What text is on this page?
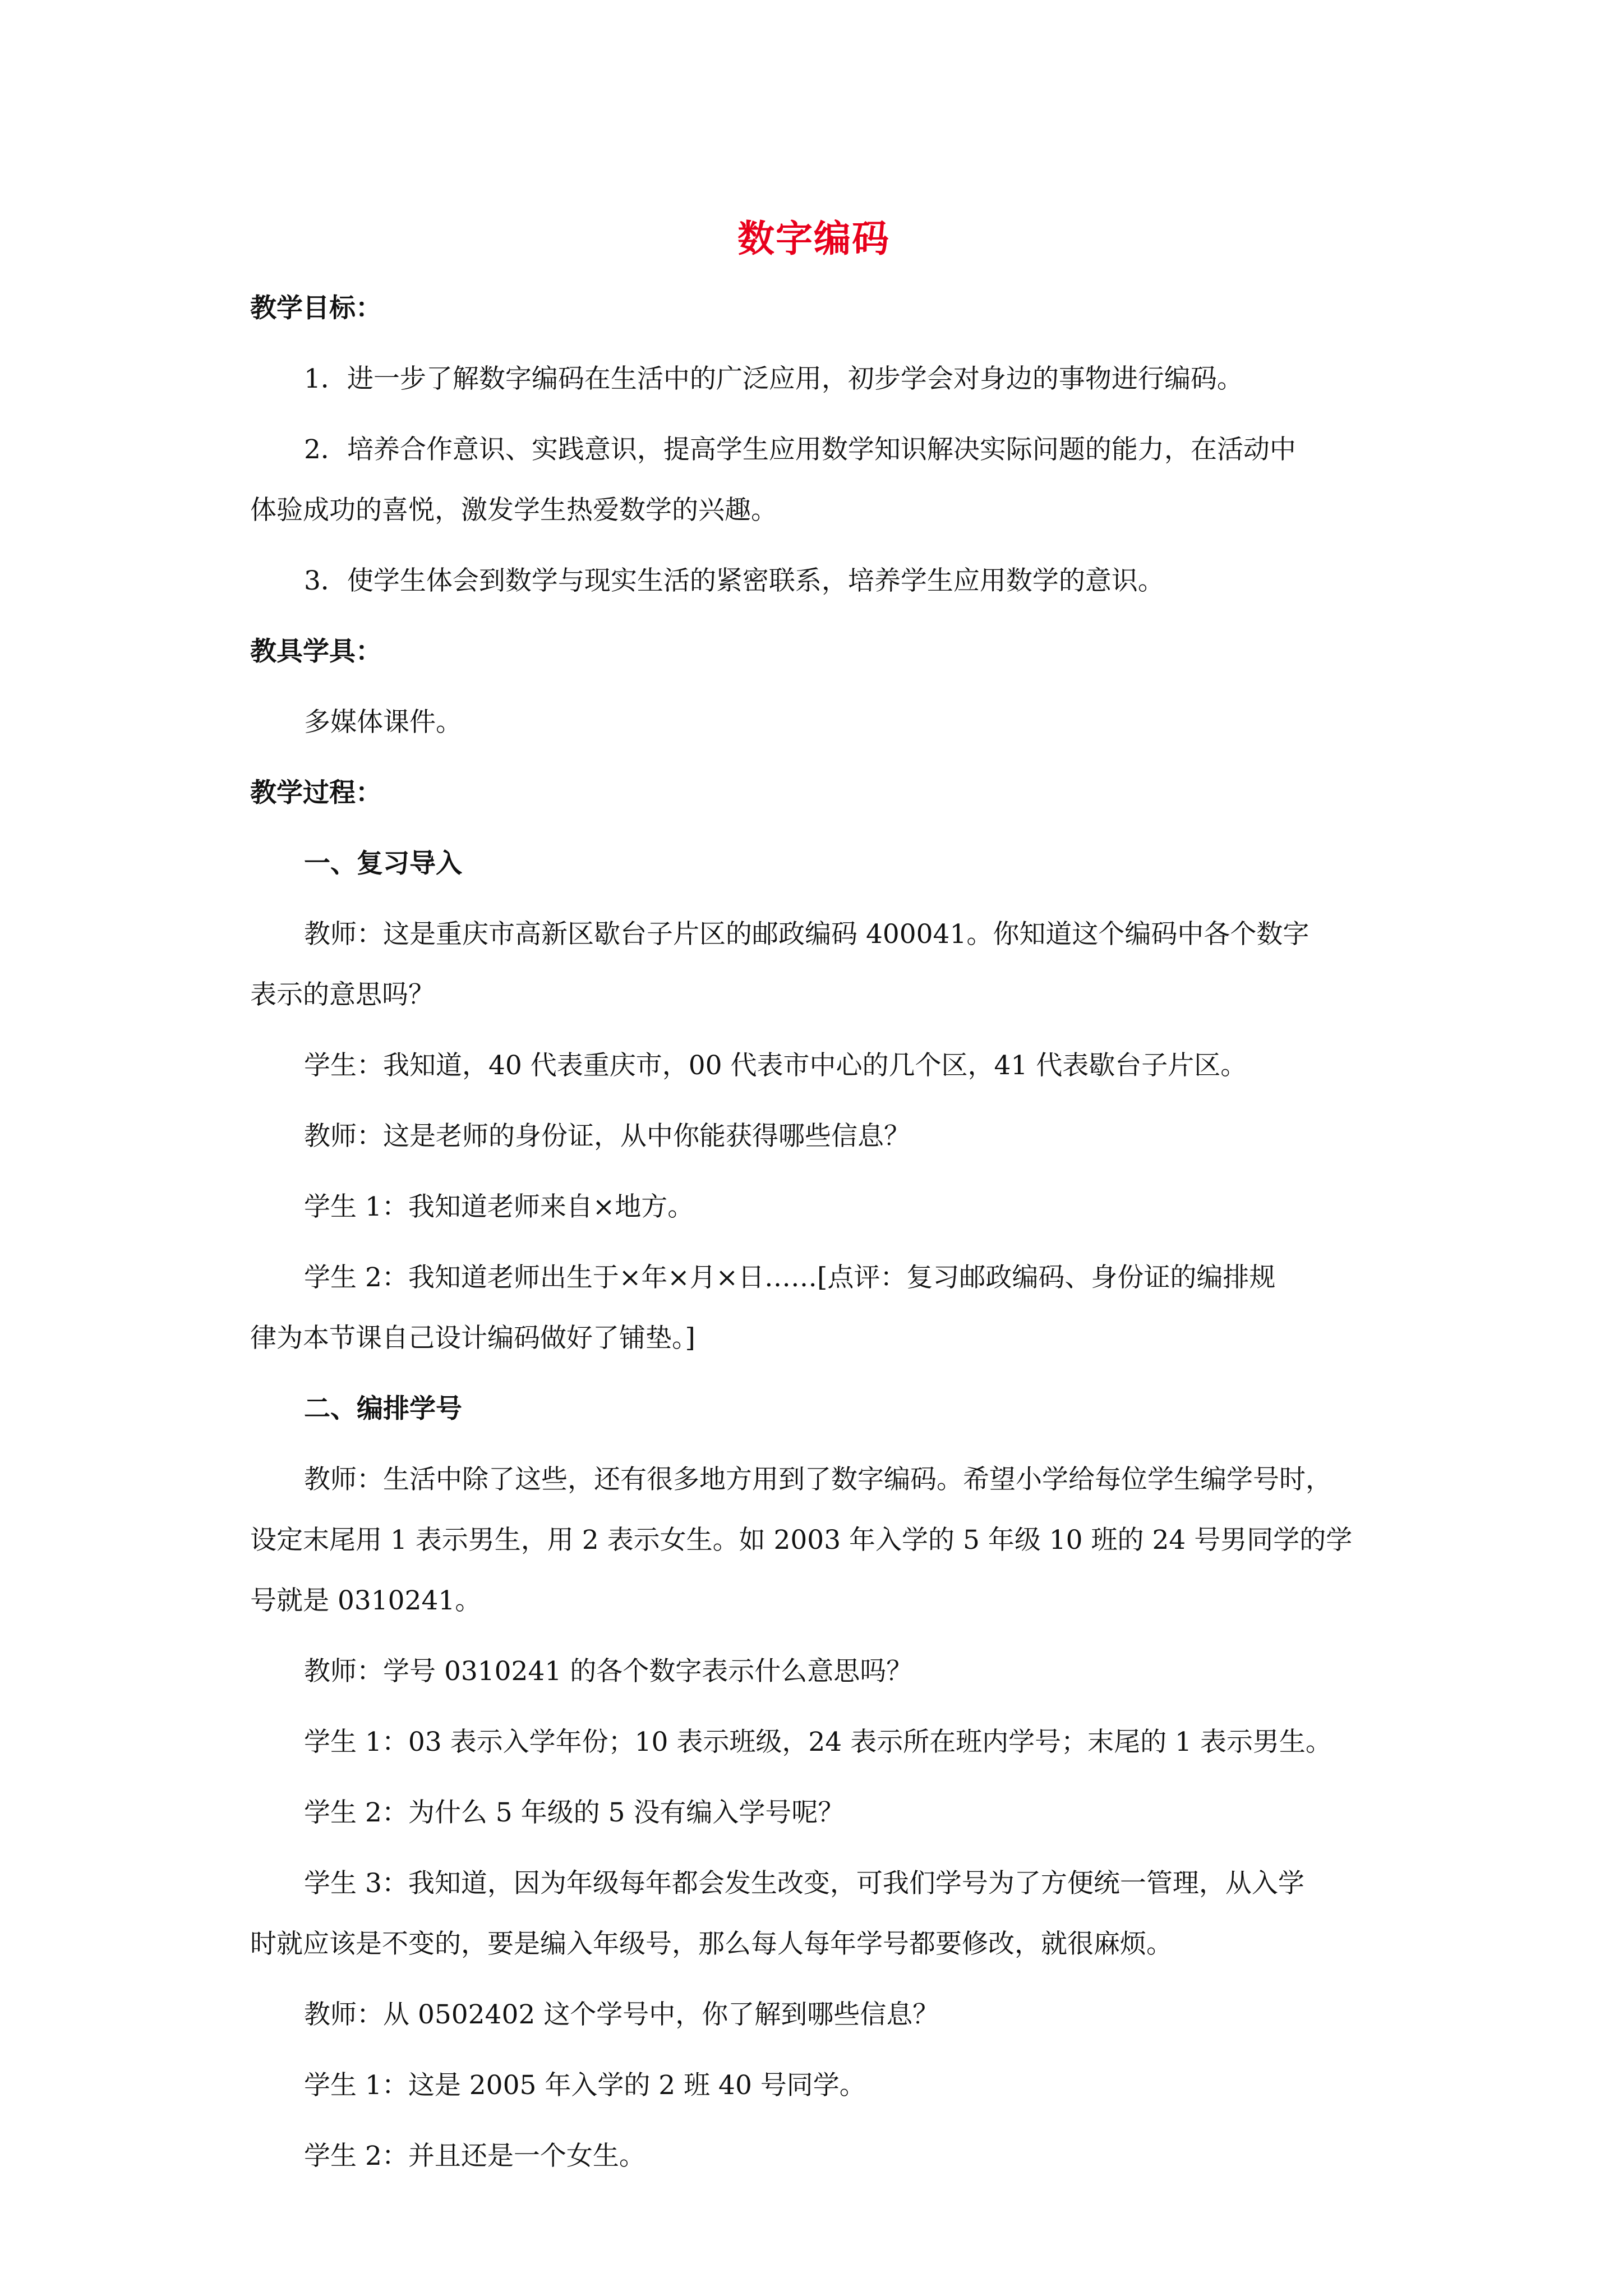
数字编码

教学目标：

1．进一步了解数字编码在生活中的广泛应用，初步学会对身边的事物进行编码。

2．培养合作意识、实践意识，提高学生应用数学知识解决实际问题的能力，在活动中

体验成功的喜悦，激发学生热爱数学的兴趣。

3．使学生体会到数学与现实生活的紧密联系，培养学生应用数学的意识。

教具学具：

多媒体课件。

教学过程：

一、复习导入

教师：这是重庆市高新区歇台子片区的邮政编码 400041。你知道这个编码中各个数字

表示的意思吗？

学生：我知道，40 代表重庆市，00 代表市中心的几个区，41 代表歇台子片区。

教师：这是老师的身份证，从中你能获得哪些信息？

学生 1：我知道老师来自×地方。

学生 2：我知道老师出生于×年×月×日……[点评：复习邮政编码、身份证的编排规

律为本节课自己设计编码做好了铺垫。]

二、编排学号

教师：生活中除了这些，还有很多地方用到了数字编码。希望小学给每位学生编学号时，

设定末尾用 1 表示男生，用 2 表示女生。如 2003 年入学的 5 年级 10 班的 24 号男同学的学

号就是 0310241。

教师：学号 0310241 的各个数字表示什么意思吗？

学生 1：03 表示入学年份；10 表示班级，24 表示所在班内学号；末尾的 1 表示男生。

学生 2：为什么 5 年级的 5 没有编入学号呢？

学生 3：我知道，因为年级每年都会发生改变，可我们学号为了方便统一管理，从入学

时就应该是不变的，要是编入年级号，那么每人每年学号都要修改，就很麻烦。

教师：从 0502402 这个学号中，你了解到哪些信息？

学生 1：这是 2005 年入学的 2 班 40 号同学。

学生 2：并且还是一个女生。
